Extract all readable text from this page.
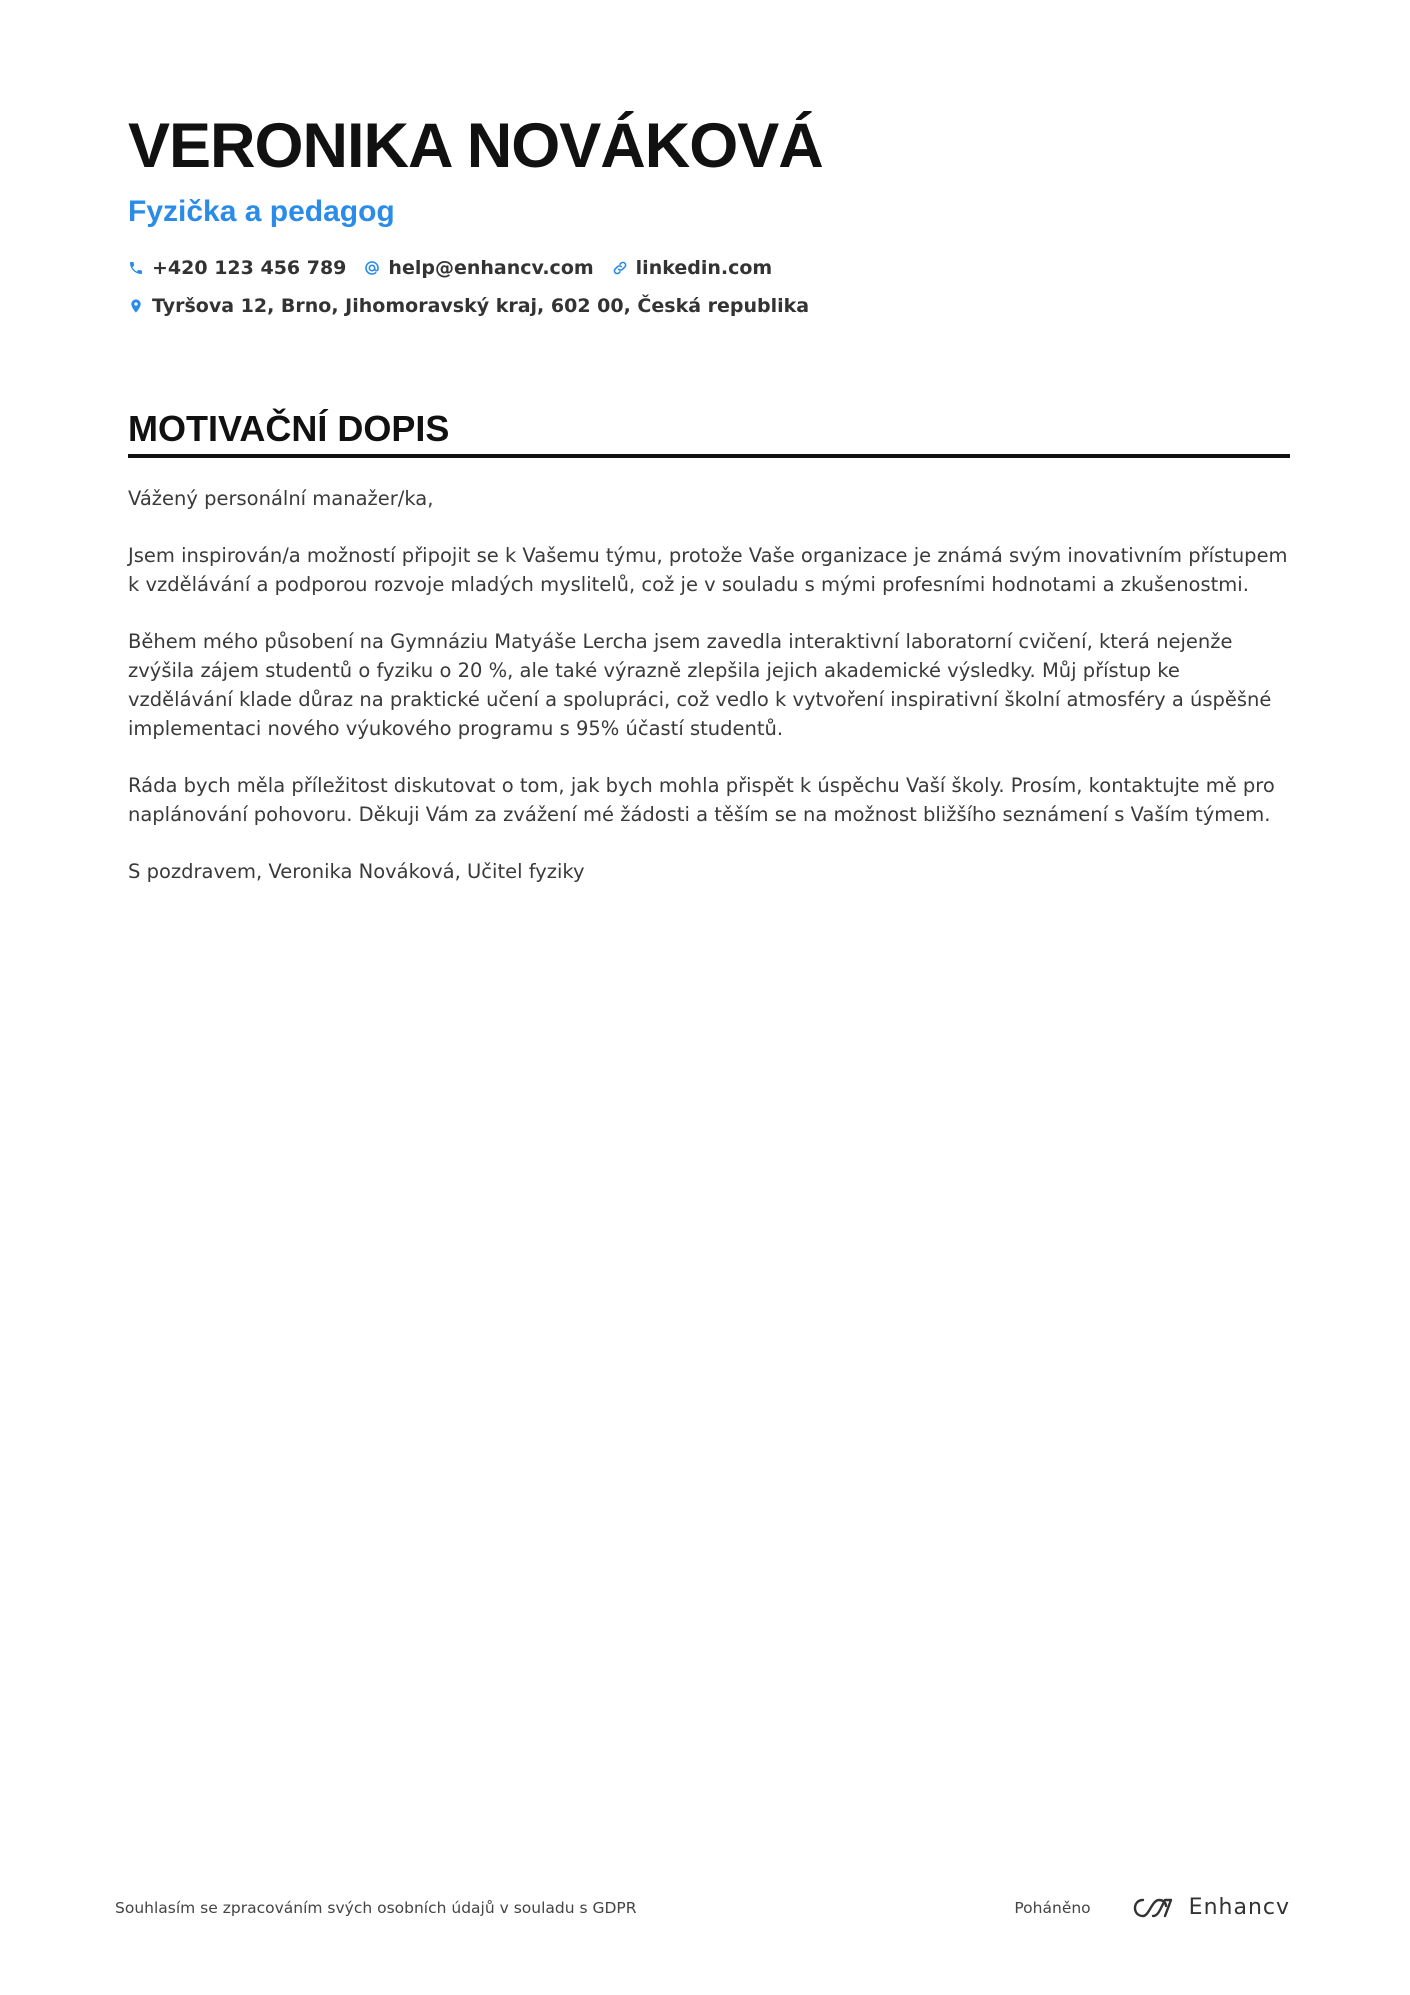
VERONIKA NOVÁKOVÁ
Fyzička a pedagog
+420 123 456 789 help@enhancv.com linkedin.com
Tyršova 12, Brno, Jihomoravský kraj, 602 00, Česká republika
MOTIVAČNÍ DOPIS

Vážený personální manažer/ka,

Jsem inspirován/a možností připojit se k Vašemu týmu, protože Vaše organizace je známá svým inovativním přístupem k vzdělávání a podporou rozvoje mladých myslitelů, což je v souladu s mými profesními hodnotami a zkušenostmi.

Během mého působení na Gymnáziu Matyáše Lercha jsem zavedla interaktivní laboratorní cvičení, která nejenže zvýšila zájem studentů o fyziku o 20 %, ale také výrazně zlepšila jejich akademické výsledky. Můj přístup ke vzdělávání klade důraz na praktické učení a spolupráci, což vedlo k vytvoření inspirativní školní atmosféry a úspěšné implementaci nového výukového programu s 95% účastí studentů.

Ráda bych měla příležitost diskutovat o tom, jak bych mohla přispět k úspěchu Vaší školy. Prosím, kontaktujte mě pro naplánování pohovoru. Děkuji Vám za zvážení mé žádosti a těším se na možnost bližšího seznámení s Vaším týmem.

S pozdravem, Veronika Nováková, Učitel fyziky

Souhlasím se zpracováním svých osobních údajů v souladu s GDPR	Poháněno	Enhancv
